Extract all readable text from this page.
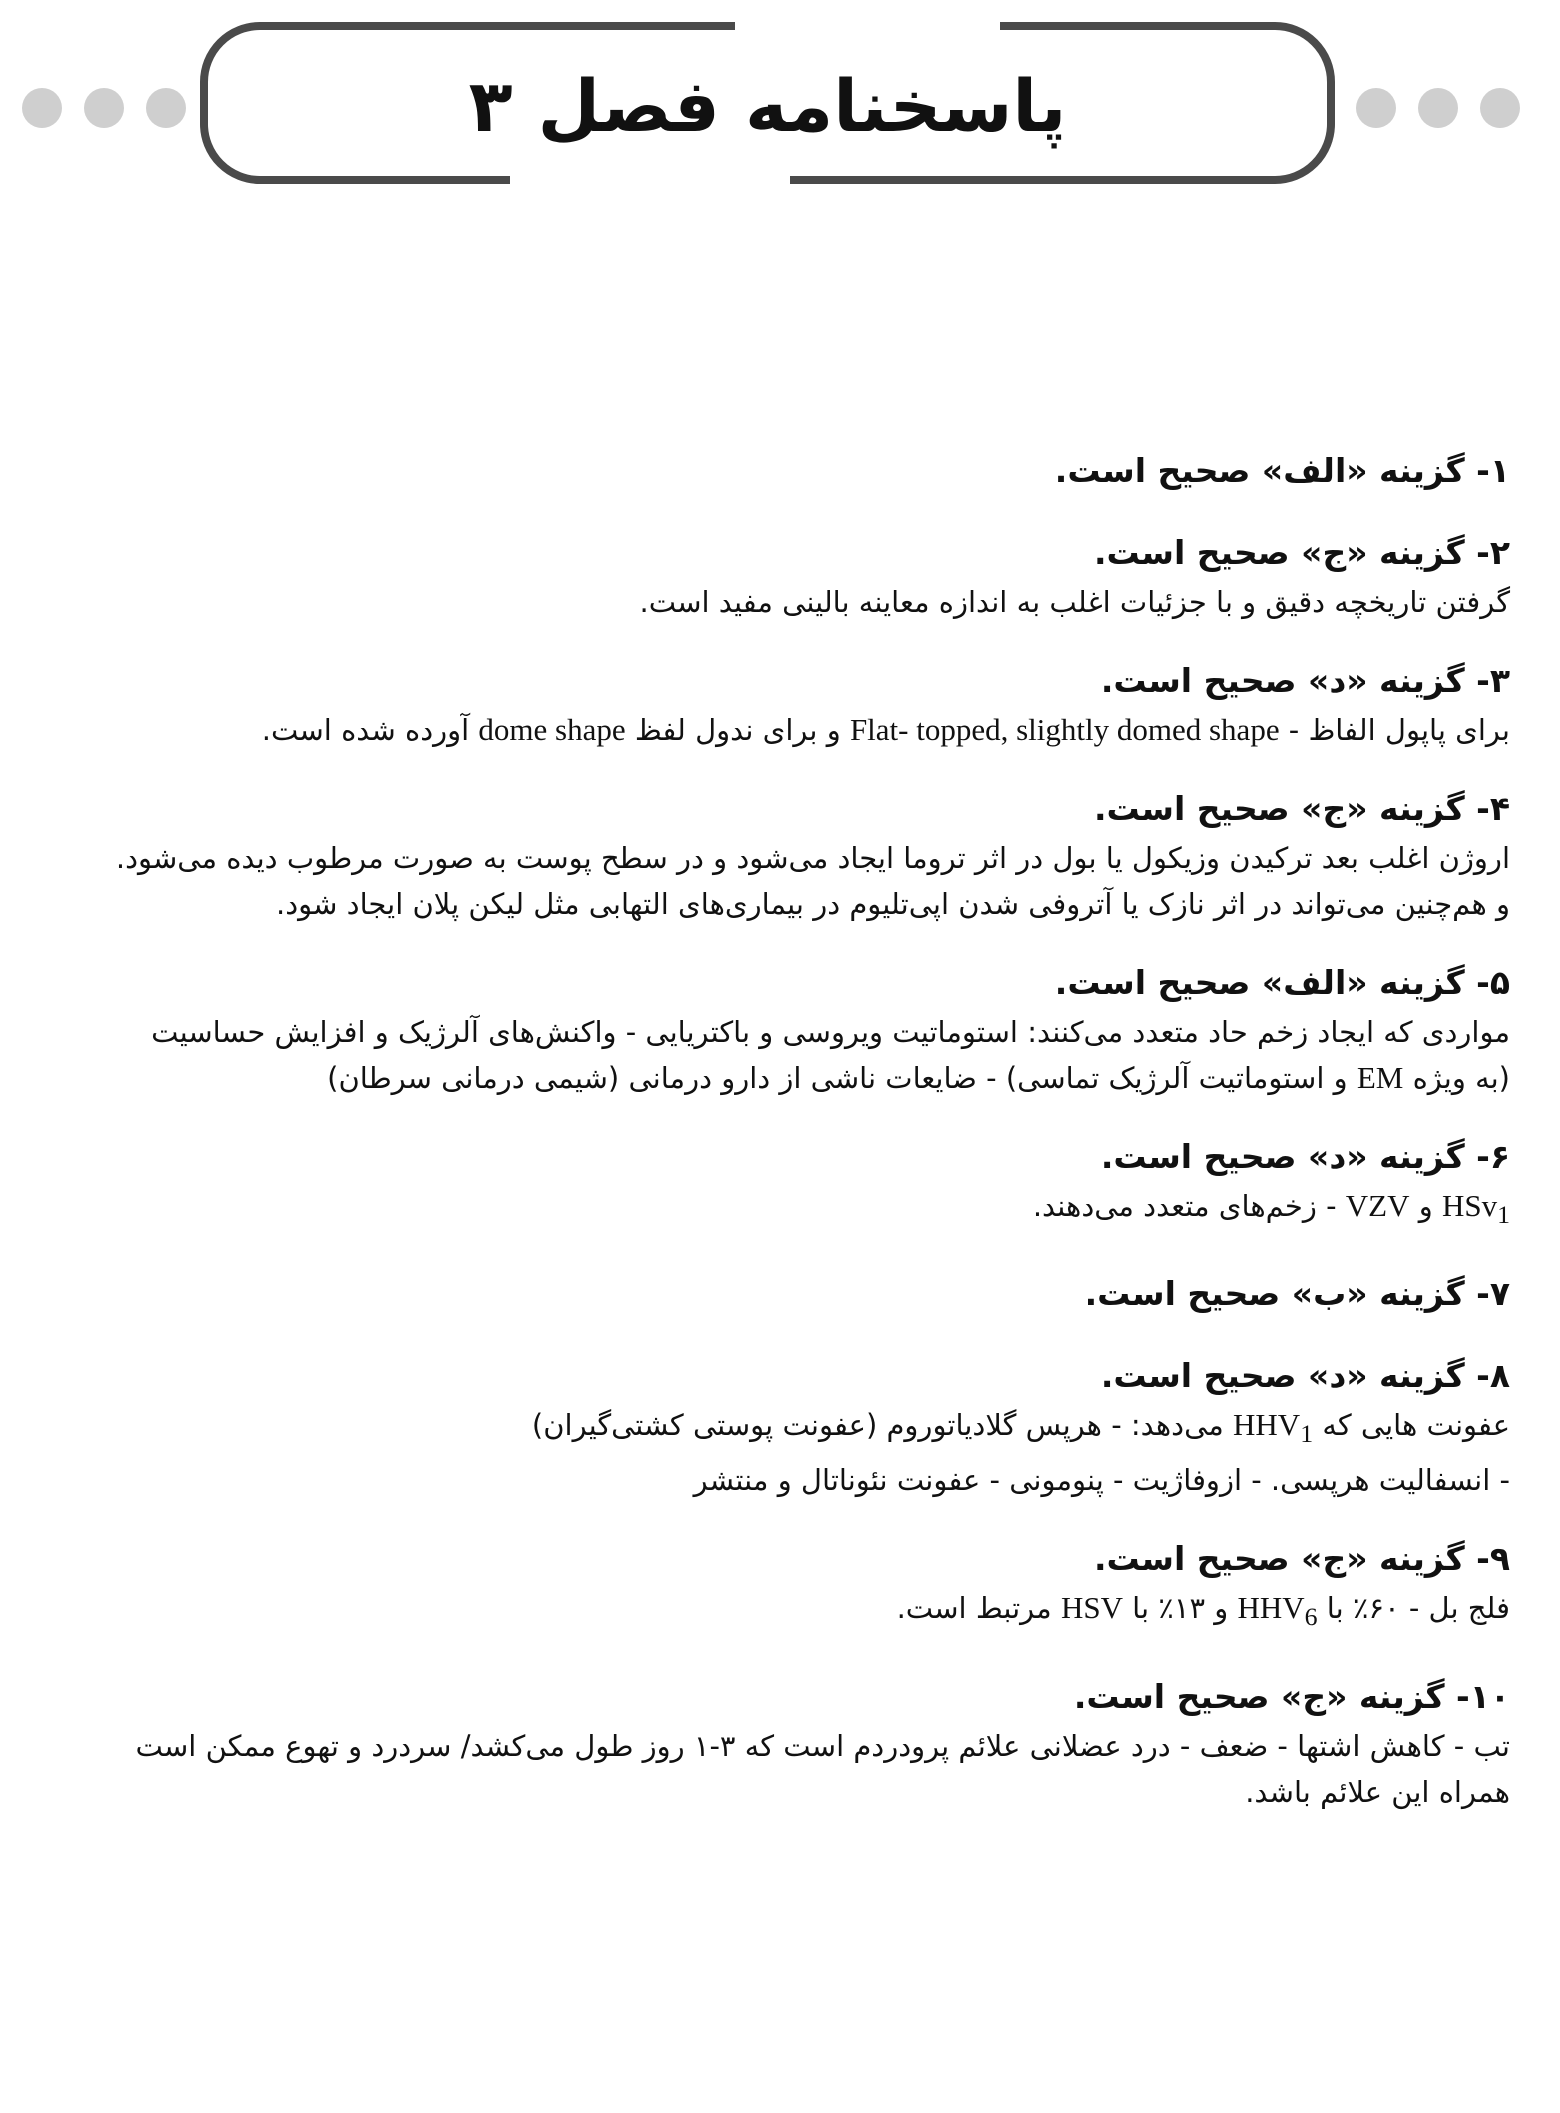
پاسخنامه فصل ۳

۱- گزینه «الف» صحیح است.

۲- گزینه «ج» صحیح است.

گرفتن تاریخچه دقیق و با جزئیات اغلب به اندازه معاینه بالینی مفید است.

۳- گزینه «د» صحیح است.

برای پاپول الفاظ - Flat- topped, slightly domed shape و برای ندول لفظ dome shape آورده شده است.

۴- گزینه «ج» صحیح است.

اروژن اغلب بعد ترکیدن وزیکول یا بول در اثر تروما ایجاد می‌شود و در سطح پوست به صورت مرطوب دیده می‌شود.

و هم‌چنین می‌تواند در اثر نازک یا آتروفی شدن اپی‌تلیوم در بیماری‌های التهابی مثل لیکن پلان ایجاد شود.

۵- گزینه «الف» صحیح است.

مواردی که ایجاد زخم حاد متعدد می‌کنند: استوماتیت ویروسی و باکتریایی - واکنش‌های آلرژیک و افزایش حساسیت

(به ویژه EM و استوماتیت آلرژیک تماسی) - ضایعات ناشی از دارو درمانی (شیمی درمانی سرطان)

۶- گزینه «د» صحیح است.

HSv$_1$ و VZV - زخم‌های متعدد می‌دهند.

۷- گزینه «ب» صحیح است.

۸- گزینه «د» صحیح است.

عفونت هایی که $HHV_1$ می‌دهد: - هرپس گلادیاتوروم (عفونت پوستی کشتی‌گیران)

- انسفالیت هرپسی. - ازوفاژیت - پنومونی - عفونت نئوناتال و منتشر

۹- گزینه «ج» صحیح است.

فلج بل - ۶۰٪ با $HHV_6$ و ۱۳٪ با HSV مرتبط است.

۱۰- گزینه «ج» صحیح است.

تب - کاهش اشتها - ضعف - درد عضلانی علائم پرودردم است که ۳-۱ روز طول می‌کشد/ سردرد و تهوع ممکن است

همراه این علائم باشد.
